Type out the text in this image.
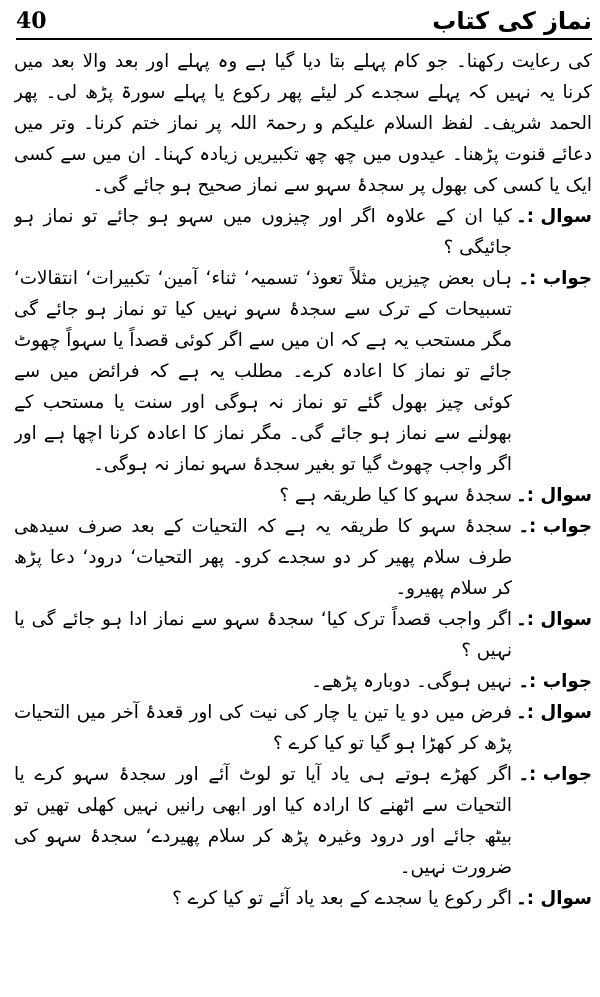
40	نماز کی کتاب

کی رعایت رکھنا۔ جو کام پہلے بتا دیا گیا ہے وہ پہلے اور بعد والا بعد میں کرنا یہ نہیں کہ پہلے سجدے کر لیئے پھر رکوع یا پہلے سورۃ پڑھ لی۔ پھر الحمد شریف۔ لفظ السلام علیکم و رحمۃ اللہ پر نماز ختم کرنا۔ وتر میں دعائے قنوت پڑھنا۔ عیدوں میں چھ چھ تکبیریں زیادہ کہنا۔ ان میں سے کسی ایک یا کسی کی بھول پر سجدۂ سہو سے نماز صحیح ہو جائے گی۔

سوال :۔

کیا ان کے علاوہ اگر اور چیزوں میں سہو ہو جائے تو نماز ہو جائیگی ؟

جواب :۔

ہاں بعض چیزیں مثلاً تعوذ‘ تسمیہ‘ ثناء‘ آمین‘ تکبیرات‘ انتقالات‘ تسبیحات کے ترک سے سجدۂ سہو نہیں کیا تو نماز ہو جائے گی مگر مستحب یہ ہے کہ ان میں سے اگر کوئی قصداً یا سہواً چھوٹ جائے تو نماز کا اعادہ کرے۔ مطلب یہ ہے کہ فرائض میں سے کوئی چیز بھول گئے تو نماز نہ ہوگی اور سنت یا مستحب کے بھولنے سے نماز ہو جائے گی۔ مگر نماز کا اعادہ کرنا اچھا ہے اور اگر واجب چھوٹ گیا تو بغیر سجدۂ سہو نماز نہ ہوگی۔

سوال :۔

سجدۂ سہو کا کیا طریقہ ہے ؟

جواب :۔

سجدۂ سہو کا طریقہ یہ ہے کہ التحیات کے بعد صرف سیدھی طرف سلام پھیر کر دو سجدے کرو۔ پھر التحیات‘ درود‘ دعا پڑھ کر سلام پھیرو۔

سوال :۔

اگر واجب قصداً ترک کیا‘ سجدۂ سہو سے نماز ادا ہو جائے گی یا نہیں ؟

جواب :۔

نہیں ہوگی۔ دوبارہ پڑھے۔

سوال :۔

فرض میں دو یا تین یا چار کی نیت کی اور قعدۂ آخر میں التحیات پڑھ کر کھڑا ہو گیا تو کیا کرے ؟

جواب :۔

اگر کھڑے ہوتے ہی یاد آیا تو لوٹ آئے اور سجدۂ سہو کرے یا التحیات سے اٹھنے کا ارادہ کیا اور ابھی رانیں نہیں کھلی تھیں تو بیٹھ جائے اور درود وغیرہ پڑھ کر سلام پھیردے‘ سجدۂ سہو کی ضرورت نہیں۔

سوال :۔

اگر رکوع یا سجدے کے بعد یاد آئے تو کیا کرے ؟
